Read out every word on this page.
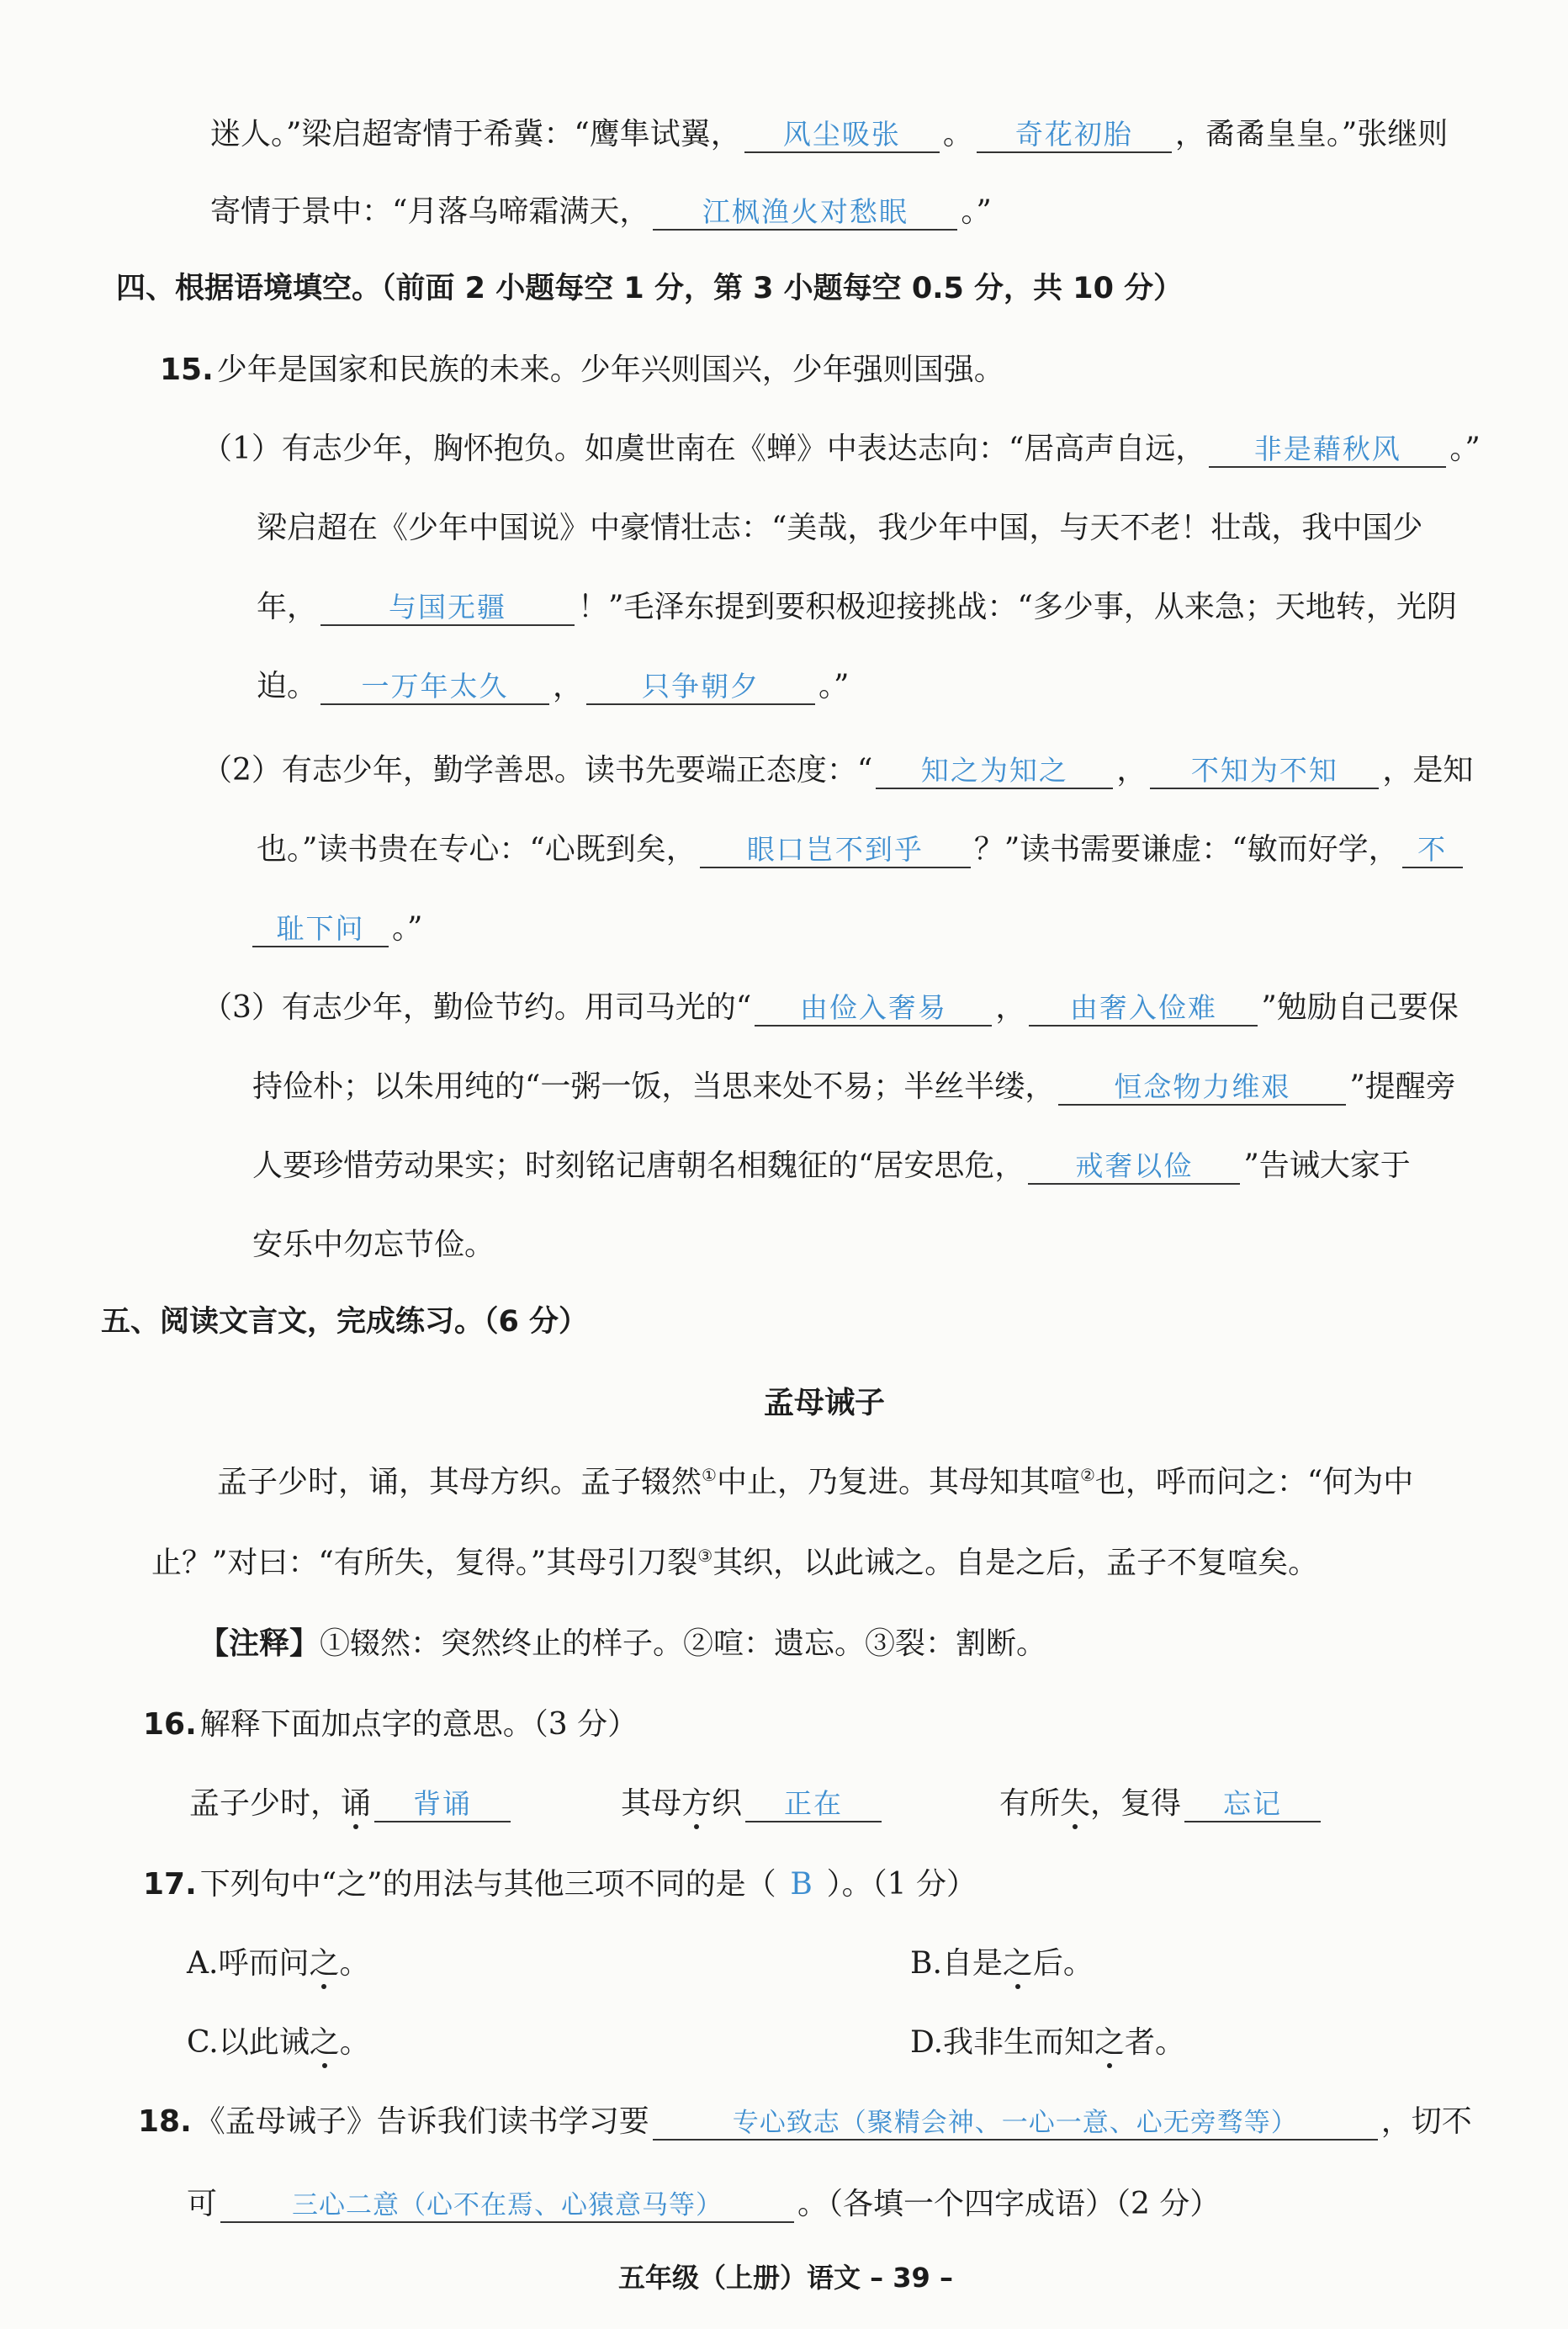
迷人。”梁启超寄情于希冀：“鹰隼试翼， 风尘吸张 。 奇花初胎 ，矞矞皇皇。”张继则
寄情于景中：“月落乌啼霜满天， 江枫渔火对愁眠 。”
四、根据语境填空。（前面 2 小题每空 1 分，第 3 小题每空 0.5 分，共 10 分）
15. 少年是国家和民族的未来。少年兴则国兴，少年强则国强。
（1）有志少年，胸怀抱负。如虞世南在《蝉》中表达志向：“居高声自远， 非是藉秋风 。”
梁启超在《少年中国说》中豪情壮志：“美哉，我少年中国，与天不老！壮哉，我中国少
年，	与国无疆 ！”毛泽东提到要积极迎接挑战：“多少事，从来急；天地转，光阴
迫。 一万年太久 ， 只争朝夕 。”
（2）有志少年，勤学善思。读书先要端正态度：“ 知之为知之 ， 不知为不知 ，是知
也。”读书贵在专心：“心既到矣， 眼口岂不到乎 ？”读书需要谦虚：“敏而好学， 不
耻下问 。”
（3）有志少年，勤俭节约。用司马光的“ 由俭入奢易 ， 由奢入俭难 ”勉励自己要保
持俭朴；以朱用纯的“一粥一饭，当思来处不易；半丝半缕， 恒念物力维艰 ”提醒旁
人要珍惜劳动果实；时刻铭记唐朝名相魏征的“居安思危， 戒奢以俭 ”告诫大家于
安乐中勿忘节俭。
五、阅读文言文，完成练习。（6 分）
孟母诫子
孟子少时，诵，其母方织。孟子辍然①中止，乃复进。其母知其喧②也，呼而问之：“何为中
止？”对曰：“有所失，复得。”其母引刀裂③其织，以此诫之。自是之后，孟子不复喧矣。
【注释】①辍然：突然终止的样子。②喧：遗忘。③裂：割断。
16. 解释下面加点字的意思。（3 分）
孟子少时，诵 背诵	其母方织 正在	有所失，复得 忘记
17. 下列句中“之”的用法与其他三项不同的是（ B ）。（1 分）
A.呼而问之。	B.自是之后。
C.以此诫之。	D.我非生而知之者。
18. 《孟母诫子》告诉我们读书学习要	专心致志（聚精会神、一心一意、心无旁骛等）	，切不
可	三心二意（心不在焉、心猿意马等） 。（各填一个四字成语）（2 分）
五年级（上册）语文 – 39 –
